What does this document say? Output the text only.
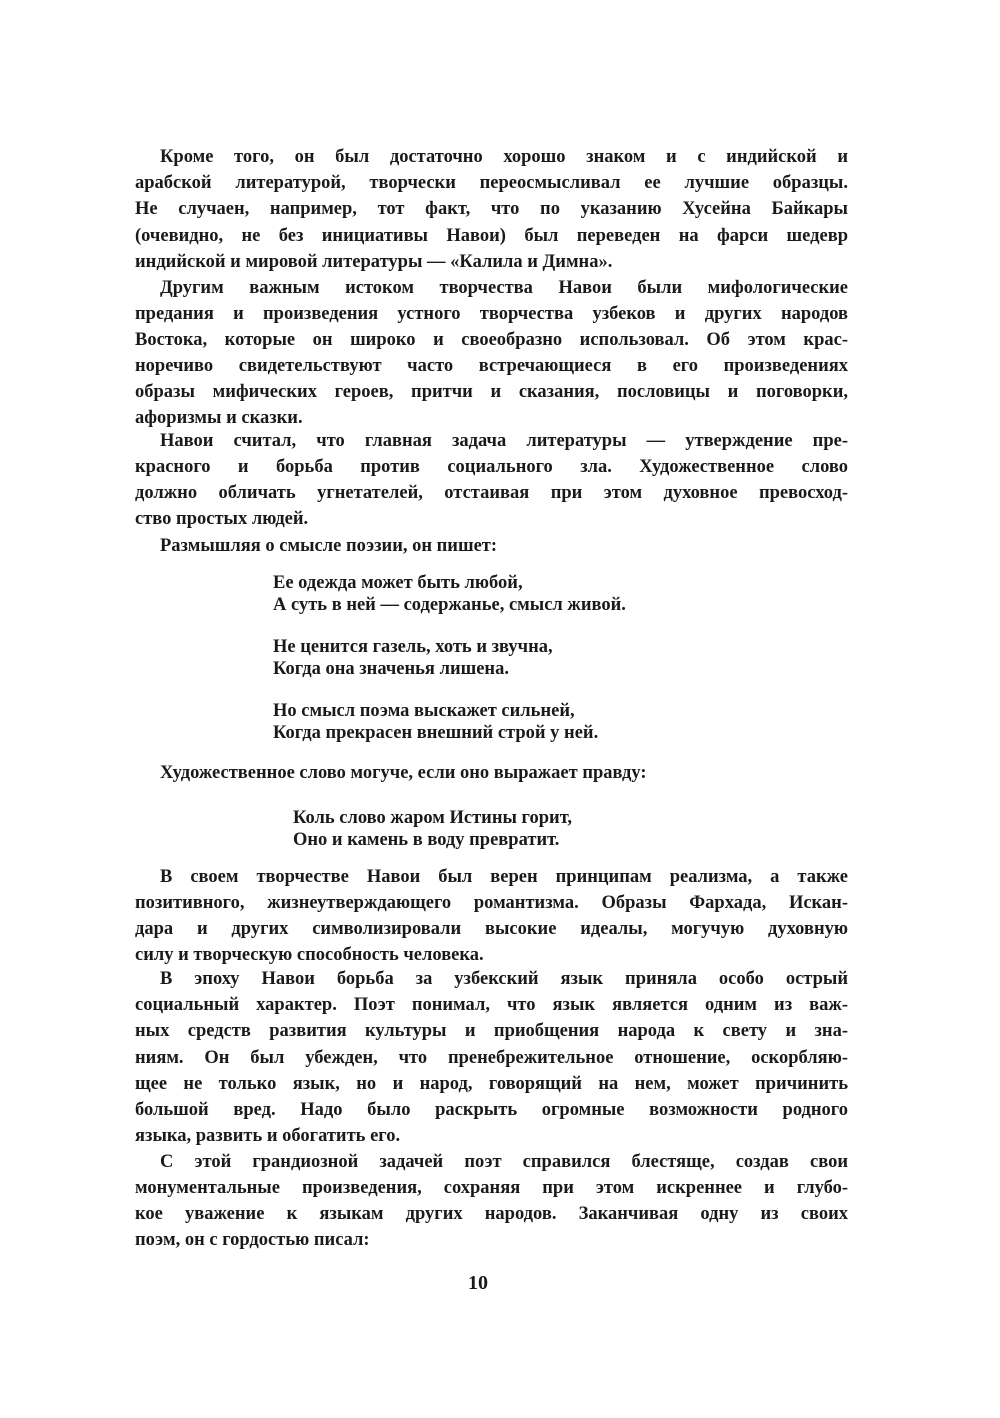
Кроме того, он был достаточно хорошо знаком и с индийской и
арабской литературой, творчески переосмысливал ее лучшие образцы.
Не случаен, например, тот факт, что по указанию Хусейна Байкары
(очевидно, не без инициативы Навои) был переведен на фарси шедевр
индийской и мировой литературы — «Калила и Димна».
Другим важным истоком творчества Навои были мифологические
предания и произведения устного творчества узбеков и других народов
Востока, которые он широко и своеобразно использовал. Об этом крас-
норечиво свидетельствуют часто встречающиеся в его произведениях
образы мифических героев, притчи и сказания, пословицы и поговорки,
афоризмы и сказки.
Навои считал, что главная задача литературы — утверждение пре-
красного и борьба против социального зла. Художественное слово
должно обличать угнетателей, отстаивая при этом духовное превосход-
ство простых людей.
Размышляя о смысле поэзии, он пишет:
Ее одежда может быть любой,
А суть в ней — содержанье, смысл живой.
Не ценится газель, хоть и звучна,
Когда она значенья лишена.
Но смысл поэма выскажет сильней,
Когда прекрасен внешний строй у ней.
Художественное слово могуче, если оно выражает правду:
Коль слово жаром Истины горит,
Оно и камень в воду превратит.
В своем творчестве Навои был верен принципам реализма, а также
позитивного, жизнеутверждающего романтизма. Образы Фархада, Искан-
дара и других символизировали высокие идеалы, могучую духовную
силу и творческую способность человека.
В эпоху Навои борьба за узбекский язык приняла особо острый
социальный характер. Поэт понимал, что язык является одним из важ-
ных средств развития культуры и приобщения народа к свету и зна-
ниям. Он был убежден, что пренебрежительное отношение, оскорбляю-
щее не только язык, но и народ, говорящий на нем, может причинить
большой вред. Надо было раскрыть огромные возможности родного
языка, развить и обогатить его.
С этой грандиозной задачей поэт справился блестяще, создав свои
монументальные произведения, сохраняя при этом искреннее и глубо-
кое уважение к языкам других народов. Заканчивая одну из своих
поэм, он с гордостью писал:
10
